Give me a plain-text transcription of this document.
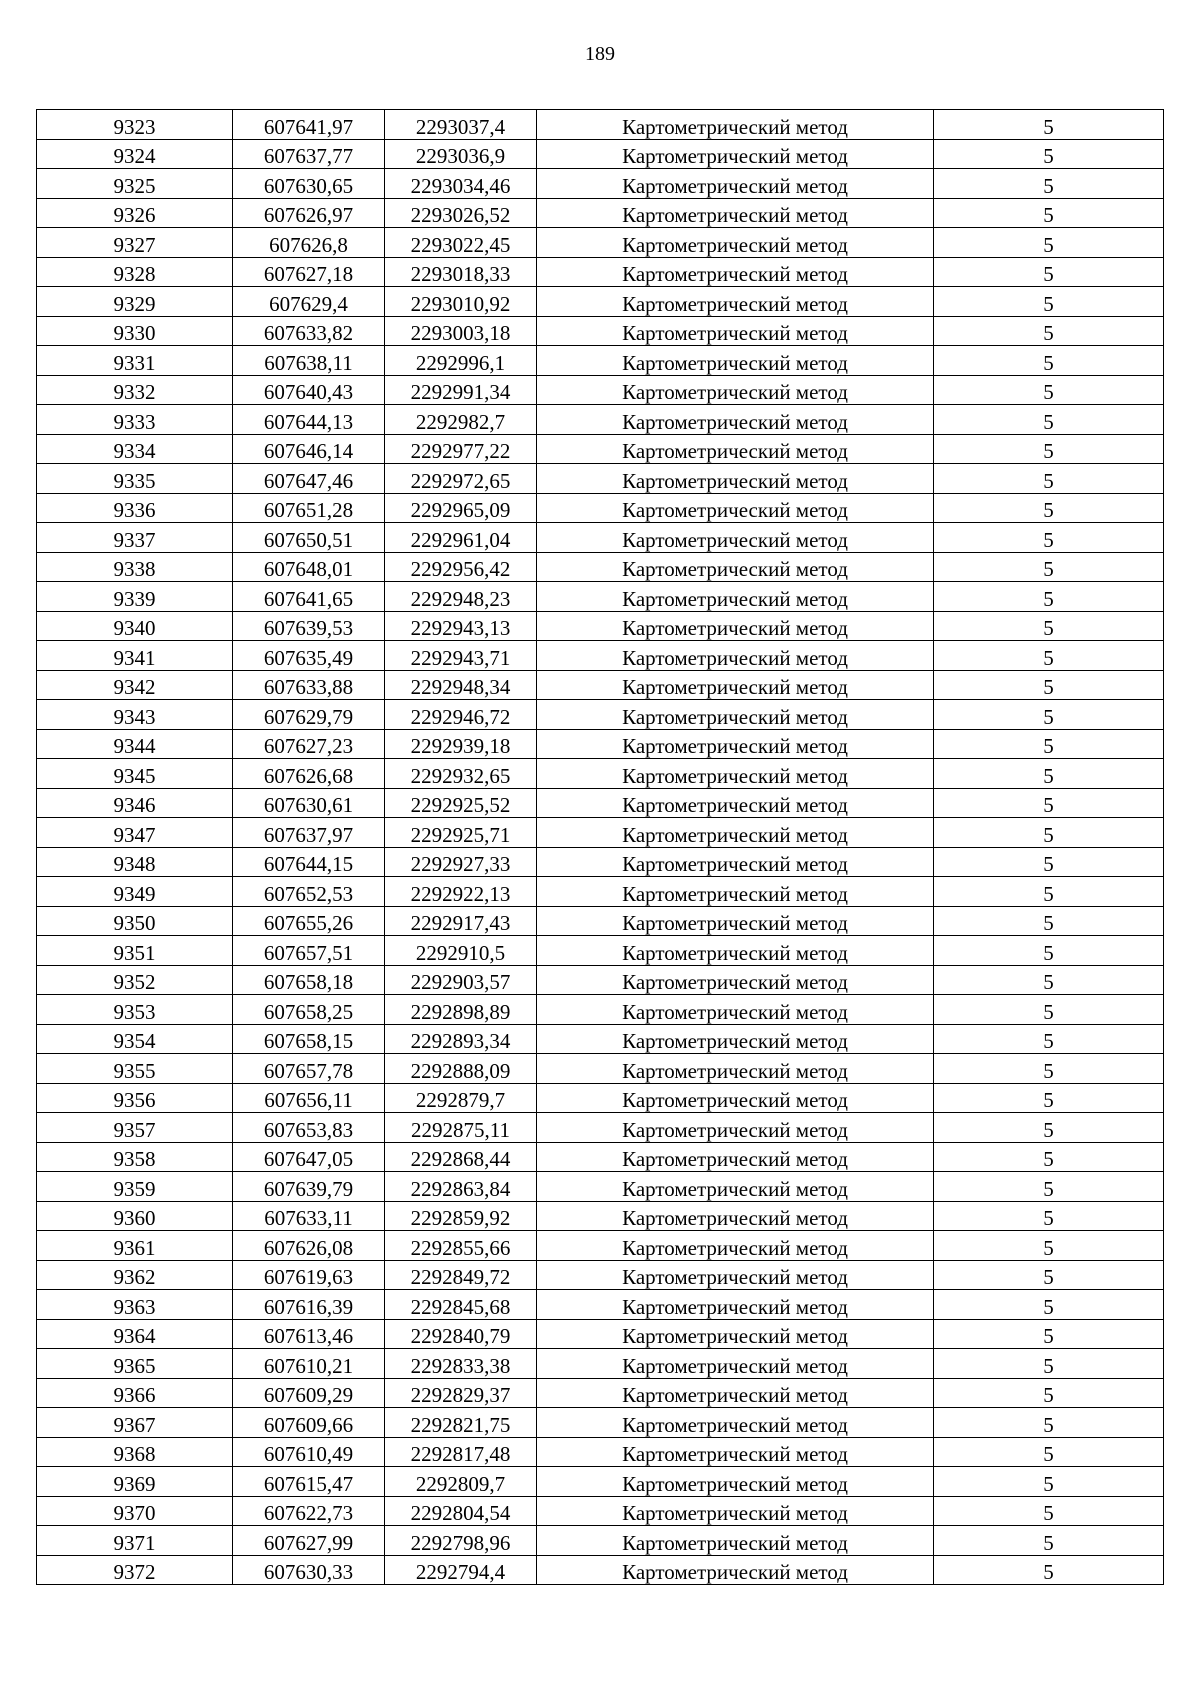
189
9323	607641,97	2293037,4	Картометрический метод	5
9324	607637,77	2293036,9	Картометрический метод	5
9325	607630,65	2293034,46	Картометрический метод	5
9326	607626,97	2293026,52	Картометрический метод	5
9327	607626,8	2293022,45	Картометрический метод	5
9328	607627,18	2293018,33	Картометрический метод	5
9329	607629,4	2293010,92	Картометрический метод	5
9330	607633,82	2293003,18	Картометрический метод	5
9331	607638,11	2292996,1	Картометрический метод	5
9332	607640,43	2292991,34	Картометрический метод	5
9333	607644,13	2292982,7	Картометрический метод	5
9334	607646,14	2292977,22	Картометрический метод	5
9335	607647,46	2292972,65	Картометрический метод	5
9336	607651,28	2292965,09	Картометрический метод	5
9337	607650,51	2292961,04	Картометрический метод	5
9338	607648,01	2292956,42	Картометрический метод	5
9339	607641,65	2292948,23	Картометрический метод	5
9340	607639,53	2292943,13	Картометрический метод	5
9341	607635,49	2292943,71	Картометрический метод	5
9342	607633,88	2292948,34	Картометрический метод	5
9343	607629,79	2292946,72	Картометрический метод	5
9344	607627,23	2292939,18	Картометрический метод	5
9345	607626,68	2292932,65	Картометрический метод	5
9346	607630,61	2292925,52	Картометрический метод	5
9347	607637,97	2292925,71	Картометрический метод	5
9348	607644,15	2292927,33	Картометрический метод	5
9349	607652,53	2292922,13	Картометрический метод	5
9350	607655,26	2292917,43	Картометрический метод	5
9351	607657,51	2292910,5	Картометрический метод	5
9352	607658,18	2292903,57	Картометрический метод	5
9353	607658,25	2292898,89	Картометрический метод	5
9354	607658,15	2292893,34	Картометрический метод	5
9355	607657,78	2292888,09	Картометрический метод	5
9356	607656,11	2292879,7	Картометрический метод	5
9357	607653,83	2292875,11	Картометрический метод	5
9358	607647,05	2292868,44	Картометрический метод	5
9359	607639,79	2292863,84	Картометрический метод	5
9360	607633,11	2292859,92	Картометрический метод	5
9361	607626,08	2292855,66	Картометрический метод	5
9362	607619,63	2292849,72	Картометрический метод	5
9363	607616,39	2292845,68	Картометрический метод	5
9364	607613,46	2292840,79	Картометрический метод	5
9365	607610,21	2292833,38	Картометрический метод	5
9366	607609,29	2292829,37	Картометрический метод	5
9367	607609,66	2292821,75	Картометрический метод	5
9368	607610,49	2292817,48	Картометрический метод	5
9369	607615,47	2292809,7	Картометрический метод	5
9370	607622,73	2292804,54	Картометрический метод	5
9371	607627,99	2292798,96	Картометрический метод	5
9372	607630,33	2292794,4	Картометрический метод	5
